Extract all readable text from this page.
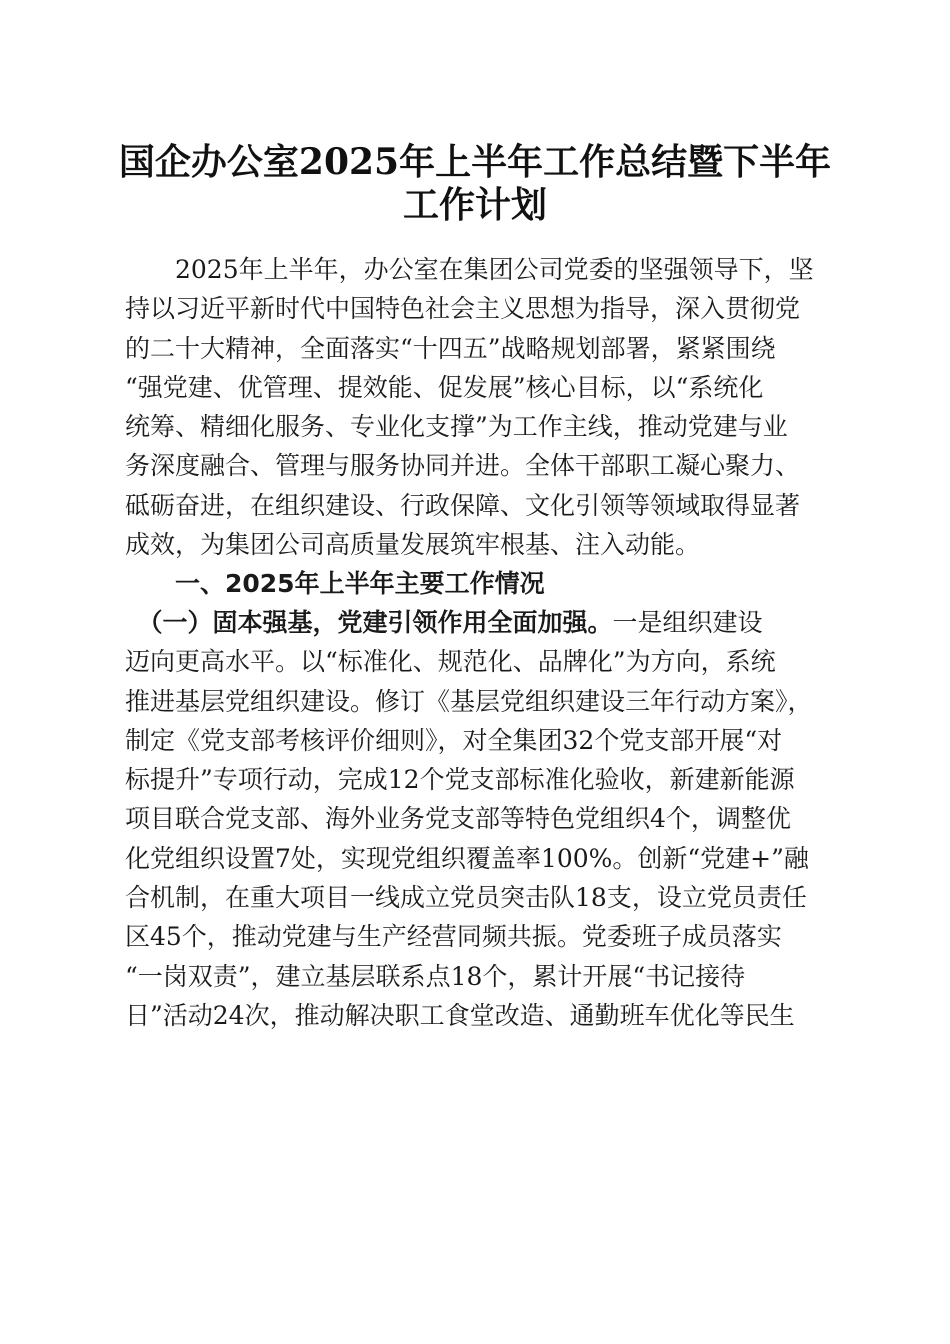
国企办公室2025年上半年工作总结暨下半年
工作计划
　　2025年上半年，办公室在集团公司党委的坚强领导下，坚
持以习近平新时代中国特色社会主义思想为指导，深入贯彻党
的二十大精神，全面落实“十四五”战略规划部署，紧紧围绕
“强党建、优管理、提效能、促发展”核心目标，以“系统化
统筹、精细化服务、专业化支撑”为工作主线，推动党建与业
务深度融合、管理与服务协同并进。全体干部职工凝心聚力、
砥砺奋进，在组织建设、行政保障、文化引领等领域取得显著
成效，为集团公司高质量发展筑牢根基、注入动能。
　　一、2025年上半年主要工作情况
　（一）固本强基，党建引领作用全面加强。一是组织建设
迈向更高水平。以“标准化、规范化、品牌化”为方向，系统
推进基层党组织建设。修订《基层党组织建设三年行动方案》，
制定《党支部考核评价细则》，对全集团32个党支部开展“对
标提升”专项行动，完成12个党支部标准化验收，新建新能源
项目联合党支部、海外业务党支部等特色党组织4个，调整优
化党组织设置7处，实现党组织覆盖率100%。创新“党建+”融
合机制，在重大项目一线成立党员突击队18支，设立党员责任
区45个，推动党建与生产经营同频共振。党委班子成员落实
“一岗双责”，建立基层联系点18个，累计开展“书记接待
日”活动24次，推动解决职工食堂改造、通勤班车优化等民生
